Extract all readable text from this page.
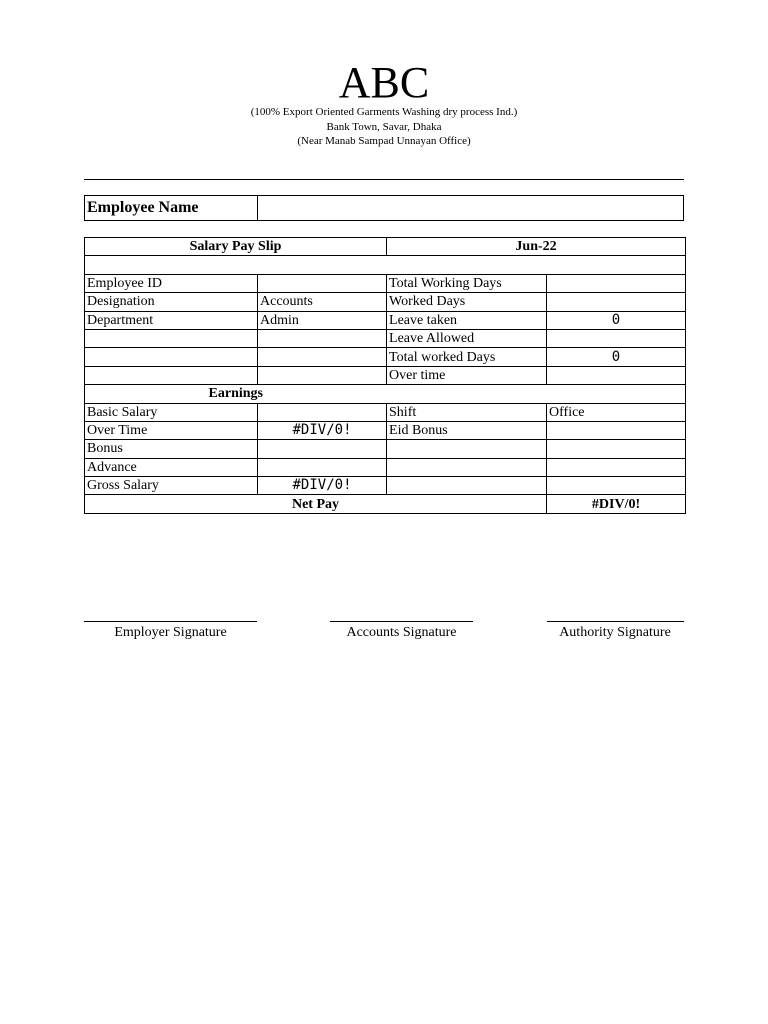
ABC
(100% Export Oriented Garments Washing dry process Ind.)
Bank Town, Savar, Dhaka
(Near Manab Sampad Unnayan Office)
Employee Name
Salary Pay Slip		Jun-22	

Employee ID		Total Working Days	
Designation	Accounts	Worked Days	
Department	Admin	Leave taken	0
		Leave Allowed	
		Total worked Days	0
		Over time	
Earnings			
Basic Salary		Shift	Office
Over Time	#DIV/0!	Eid Bonus	
Bonus			
Advance			
Gross Salary	#DIV/0!		
Net Pay			#DIV/0!
Employer Signature	Accounts Signature	Authority Signature
